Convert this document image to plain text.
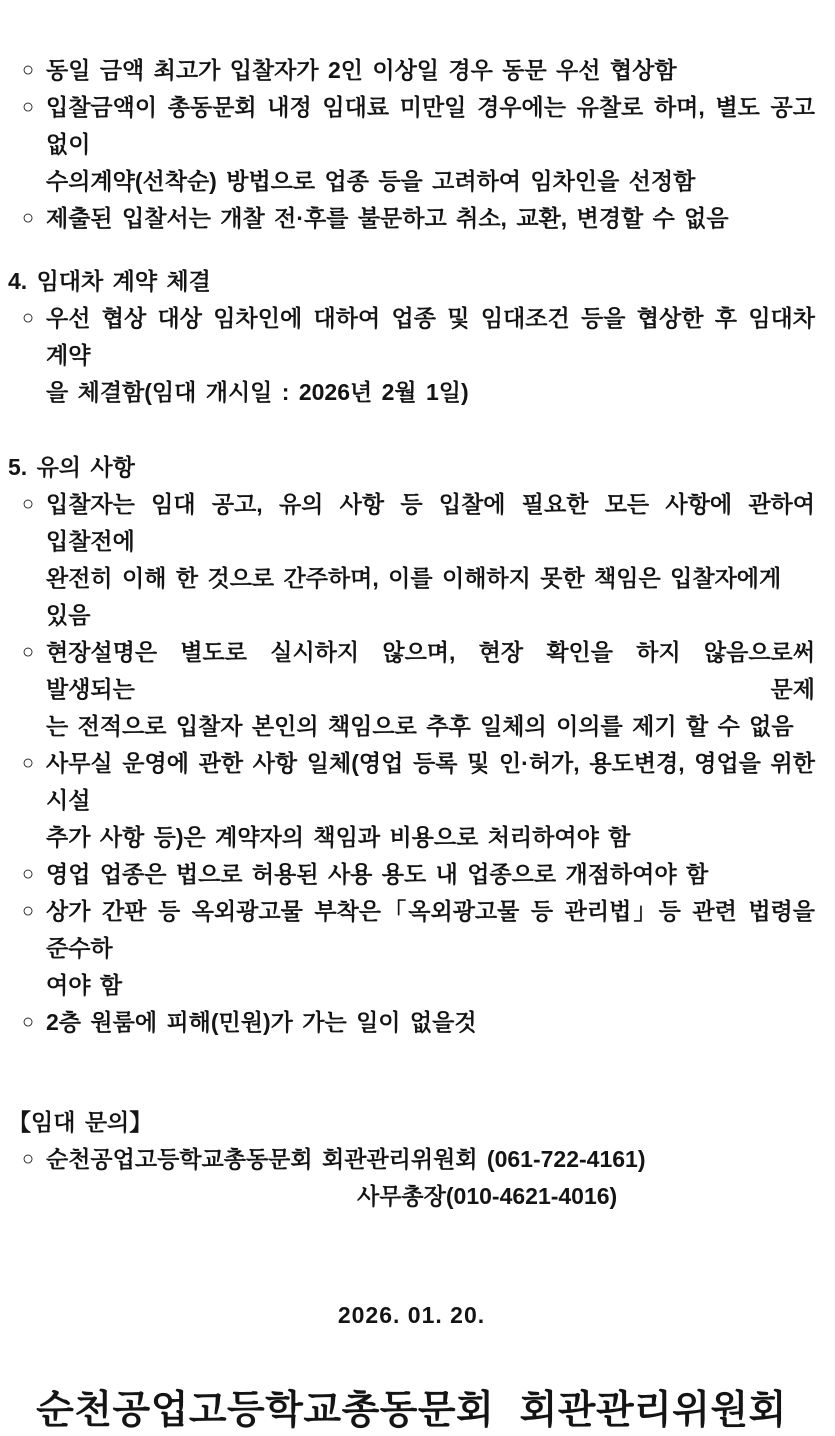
○ 동일 금액 최고가 입찰자가 2인 이상일 경우 동문 우선 협상함
○ 입찰금액이 총동문회 내정 임대료 미만일 경우에는 유찰로 하며, 별도 공고 없이
수의계약(선착순) 방법으로 업종 등을 고려하여 임차인을 선정함
○ 제출된 입찰서는 개찰 전·후를 불문하고 취소, 교환, 변경할 수 없음
4. 임대차 계약 체결
○ 우선 협상 대상 임차인에 대하여 업종 및 임대조건 등을 협상한 후 임대차 계약
을 체결함(임대 개시일 : 2026년 2월 1일)
5. 유의 사항
○ 입찰자는 임대 공고, 유의 사항 등 입찰에 필요한 모든 사항에 관하여 입찰전에
완전히 이해 한 것으로 간주하며, 이를 이해하지 못한 책임은 입찰자에게 있음
○ 현장설명은 별도로 실시하지 않으며, 현장 확인을 하지 않음으로써 발생되는 문제
는 전적으로 입찰자 본인의 책임으로 추후 일체의 이의를 제기 할 수 없음
○ 사무실 운영에 관한 사항 일체(영업 등록 및 인·허가, 용도변경, 영업을 위한 시설
추가 사항 등)은 계약자의 책임과 비용으로 처리하여야 함
○ 영업 업종은 법으로 허용된 사용 용도 내 업종으로 개점하여야 함
○ 상가 간판 등 옥외광고물 부착은「옥외광고물 등 관리법」등 관련 법령을 준수하
여야 함
○ 2층 원룸에 피해(민원)가 가는 일이 없을것
【임대 문의】
○ 순천공업고등학교총동문회 회관관리위원회 (061-722-4161)
사무총장(010-4621-4016)
2026. 01. 20.
순천공업고등학교총동문회 회관관리위원회
